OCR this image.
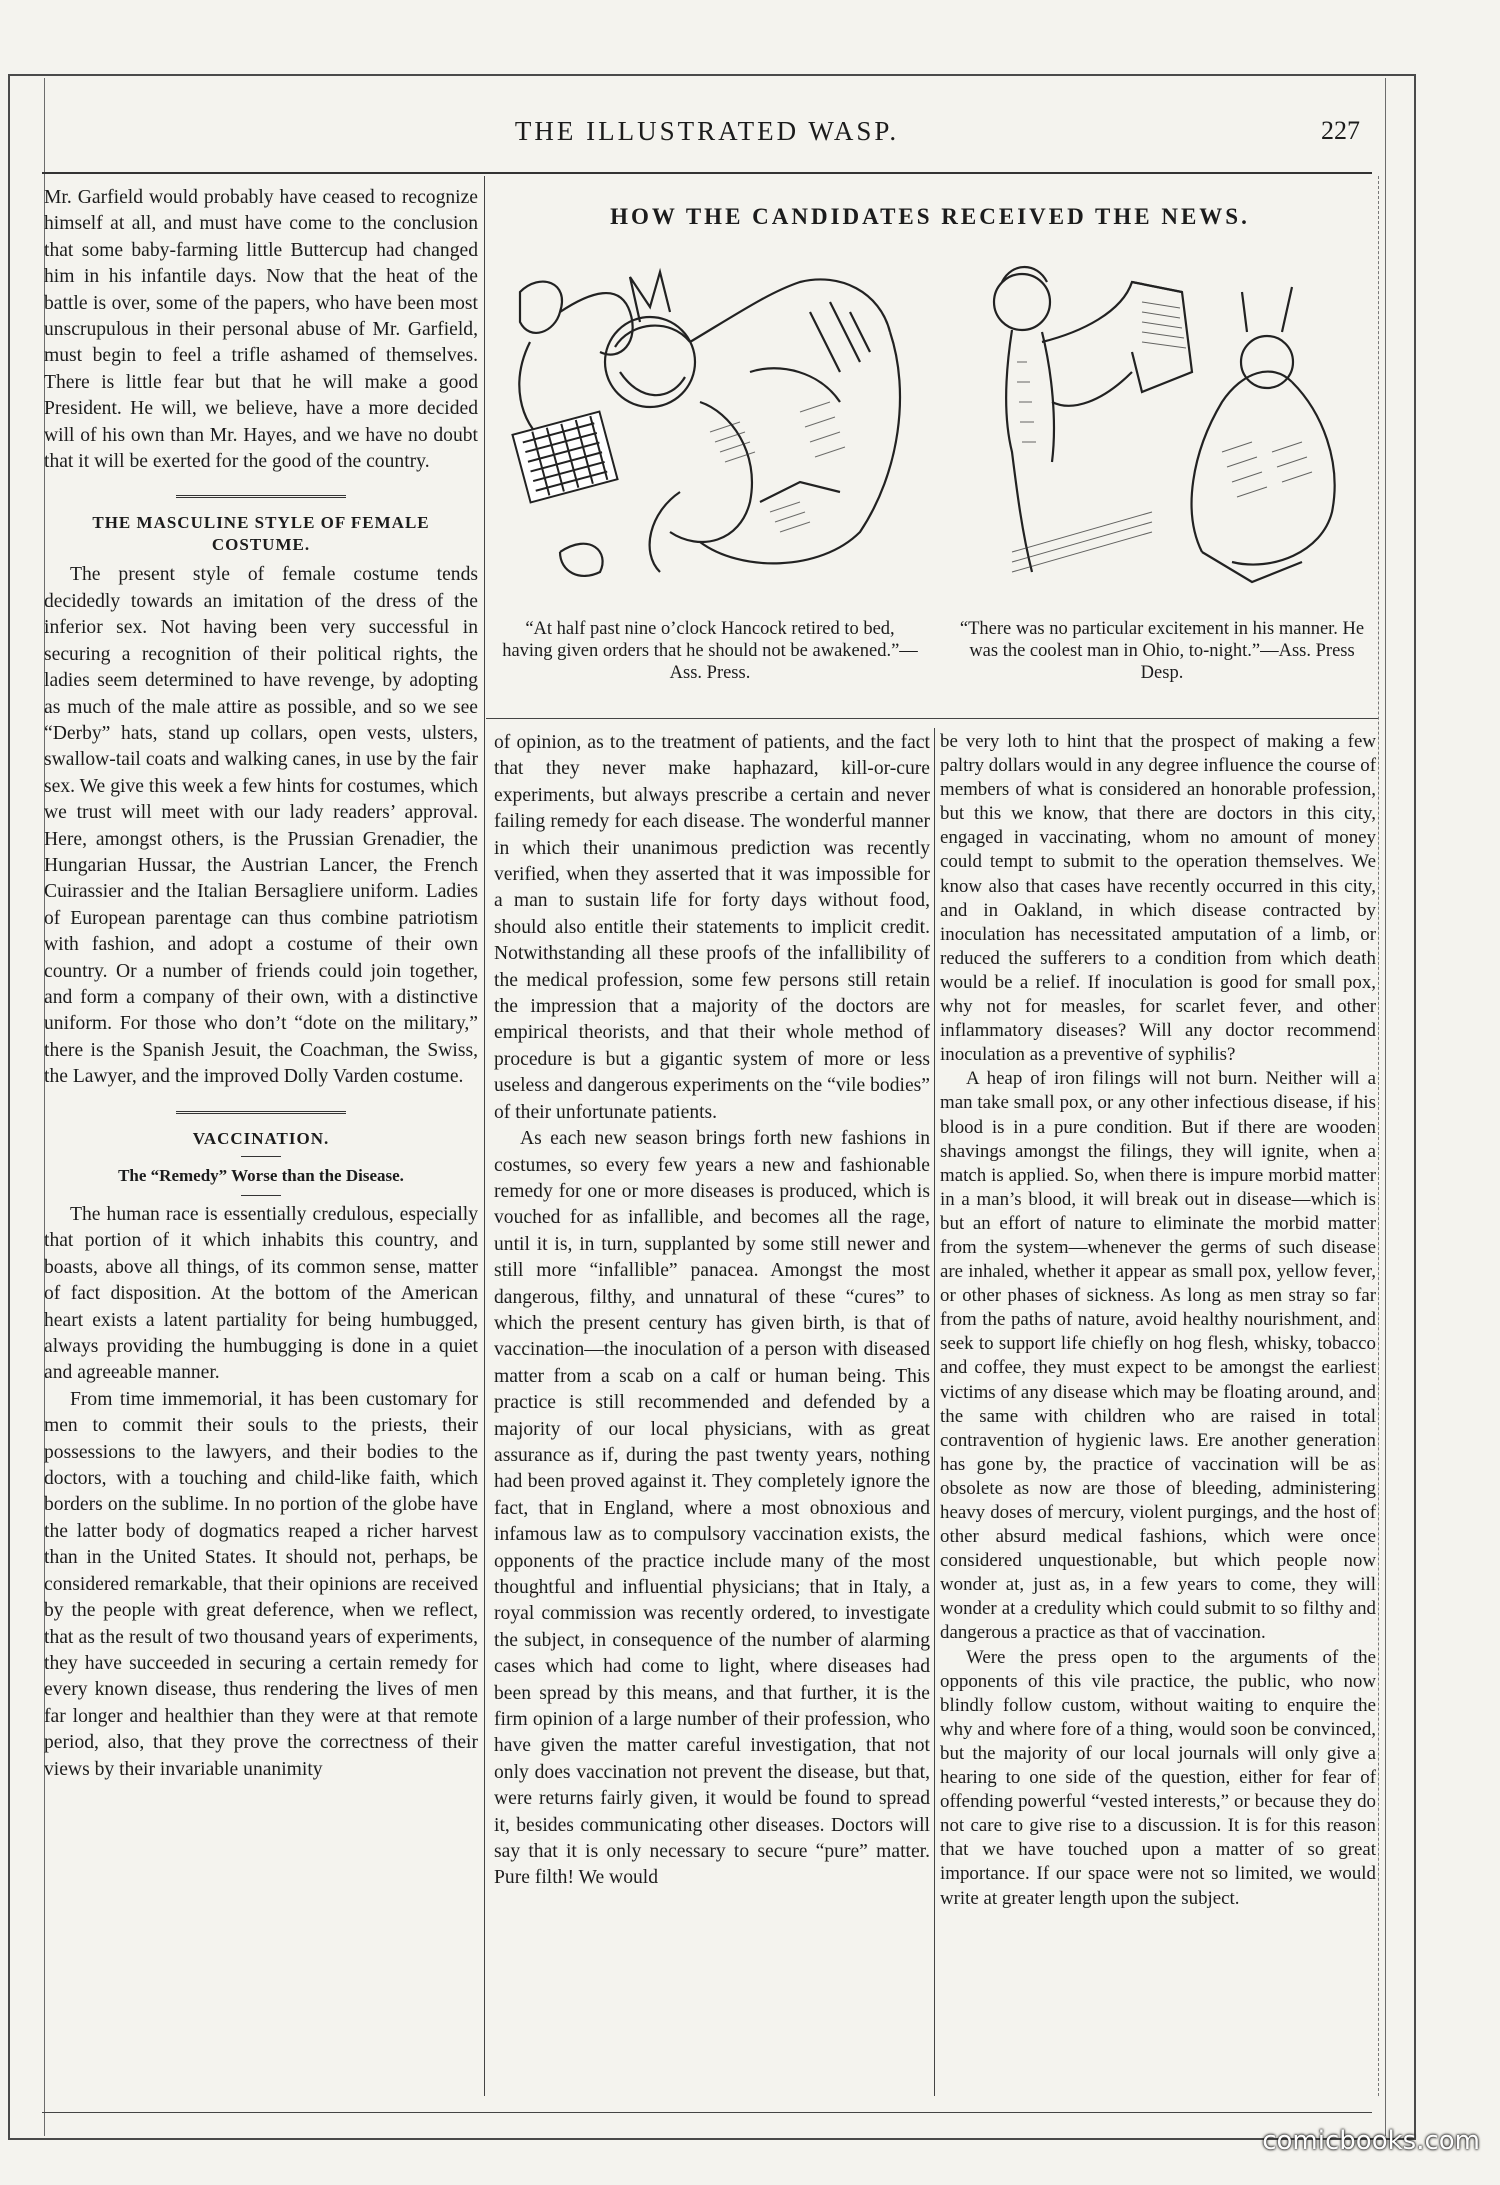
THE ILLUSTRATED WASP.	227
HOW THE CANDIDATES RECEIVED THE NEWS.
“At half past nine o’clock Hancock retired to bed, having given orders that he should not be awakened.”—Ass. Press.
“There was no particular excitement in his manner. He was the coolest man in Ohio, to-night.”—Ass. Press Desp.

Mr. Garfield would probably have ceased to recognize himself at all, and must have come to the conclusion that some baby-farming little Buttercup had changed him in his infantile days. Now that the heat of the battle is over, some of the papers, who have been most unscrupulous in their personal abuse of Mr. Garfield, must begin to feel a trifle ashamed of themselves. There is little fear but that he will make a good President. He will, we believe, have a more decided will of his own than Mr. Hayes, and we have no doubt that it will be exerted for the good of the country.

THE MASCULINE STYLE OF FEMALE COSTUME.

The present style of female costume tends decidedly towards an imitation of the dress of the inferior sex. Not having been very successful in securing a recognition of their political rights, the ladies seem determined to have revenge, by adopting as much of the male attire as possible, and so we see “Derby” hats, stand up collars, open vests, ulsters, swallow-tail coats and walking canes, in use by the fair sex. We give this week a few hints for costumes, which we trust will meet with our lady readers’ approval. Here, amongst others, is the Prussian Grenadier, the Hungarian Hussar, the Austrian Lancer, the French Cuirassier and the Italian Bersagliere uniform. Ladies of European parentage can thus combine patriotism with fashion, and adopt a costume of their own country. Or a number of friends could join together, and form a company of their own, with a distinctive uniform. For those who don’t “dote on the military,” there is the Spanish Jesuit, the Coachman, the Swiss, the Lawyer, and the improved Dolly Varden costume.

VACCINATION.
The “Remedy” Worse than the Disease.

The human race is essentially credulous, especially that portion of it which inhabits this country, and boasts, above all things, of its common sense, matter of fact disposition. At the bottom of the American heart exists a latent partiality for being humbugged, always providing the humbugging is done in a quiet and agreeable manner.

From time immemorial, it has been customary for men to commit their souls to the priests, their possessions to the lawyers, and their bodies to the doctors, with a touching and child-like faith, which borders on the sublime. In no portion of the globe have the latter body of dogmatics reaped a richer harvest than in the United States. It should not, perhaps, be considered remarkable, that their opinions are received by the people with great deference, when we reflect, that as the result of two thousand years of experiments, they have succeeded in securing a certain remedy for every known disease, thus rendering the lives of men far longer and healthier than they were at that remote period, also, that they prove the correctness of their views by their invariable unanimity

of opinion, as to the treatment of patients, and the fact that they never make haphazard, kill-or-cure experiments, but always prescribe a certain and never failing remedy for each disease. The wonderful manner in which their unanimous prediction was recently verified, when they asserted that it was impossible for a man to sustain life for forty days without food, should also entitle their statements to implicit credit. Notwithstanding all these proofs of the infallibility of the medical profession, some few persons still retain the impression that a majority of the doctors are empirical theorists, and that their whole method of procedure is but a gigantic system of more or less useless and dangerous experiments on the “vile bodies” of their unfortunate patients.

As each new season brings forth new fashions in costumes, so every few years a new and fashionable remedy for one or more diseases is produced, which is vouched for as infallible, and becomes all the rage, until it is, in turn, supplanted by some still newer and still more “infallible” panacea. Amongst the most dangerous, filthy, and unnatural of these “cures” to which the present century has given birth, is that of vaccination—the inoculation of a person with diseased matter from a scab on a calf or human being. This practice is still recommended and defended by a majority of our local physicians, with as great assurance as if, during the past twenty years, nothing had been proved against it. They completely ignore the fact, that in England, where a most obnoxious and infamous law as to compulsory vaccination exists, the opponents of the practice include many of the most thoughtful and influential physicians; that in Italy, a royal commission was recently ordered, to investigate the subject, in consequence of the number of alarming cases which had come to light, where diseases had been spread by this means, and that further, it is the firm opinion of a large number of their profession, who have given the matter careful investigation, that not only does vaccination not prevent the disease, but that, were returns fairly given, it would be found to spread it, besides communicating other diseases. Doctors will say that it is only necessary to secure “pure” matter. Pure filth! We would

be very loth to hint that the prospect of making a few paltry dollars would in any degree influence the course of members of what is considered an honorable profession, but this we know, that there are doctors in this city, engaged in vaccinating, whom no amount of money could tempt to submit to the operation themselves. We know also that cases have recently occurred in this city, and in Oakland, in which disease contracted by inoculation has necessitated amputation of a limb, or reduced the sufferers to a condition from which death would be a relief. If inoculation is good for small pox, why not for measles, for scarlet fever, and other inflammatory diseases? Will any doctor recommend inoculation as a preventive of syphilis?

A heap of iron filings will not burn. Neither will a man take small pox, or any other infectious disease, if his blood is in a pure condition. But if there are wooden shavings amongst the filings, they will ignite, when a match is applied. So, when there is impure morbid matter in a man’s blood, it will break out in disease—which is but an effort of nature to eliminate the morbid matter from the system—whenever the germs of such disease are inhaled, whether it appear as small pox, yellow fever, or other phases of sickness. As long as men stray so far from the paths of nature, avoid healthy nourishment, and seek to support life chiefly on hog flesh, whisky, tobacco and coffee, they must expect to be amongst the earliest victims of any disease which may be floating around, and the same with children who are raised in total contravention of hygienic laws. Ere another generation has gone by, the practice of vaccination will be as obsolete as now are those of bleeding, administering heavy doses of mercury, violent purgings, and the host of other absurd medical fashions, which were once considered unquestionable, but which people now wonder at, just as, in a few years to come, they will wonder at a credulity which could submit to so filthy and dangerous a practice as that of vaccination.

Were the press open to the arguments of the opponents of this vile practice, the public, who now blindly follow custom, without waiting to enquire the why and where fore of a thing, would soon be convinced, but the majority of our local journals will only give a hearing to one side of the question, either for fear of offending powerful “vested interests,” or because they do not care to give rise to a discussion. It is for this reason that we have touched upon a matter of so great importance. If our space were not so limited, we would write at greater length upon the subject.

comicbooks.com
